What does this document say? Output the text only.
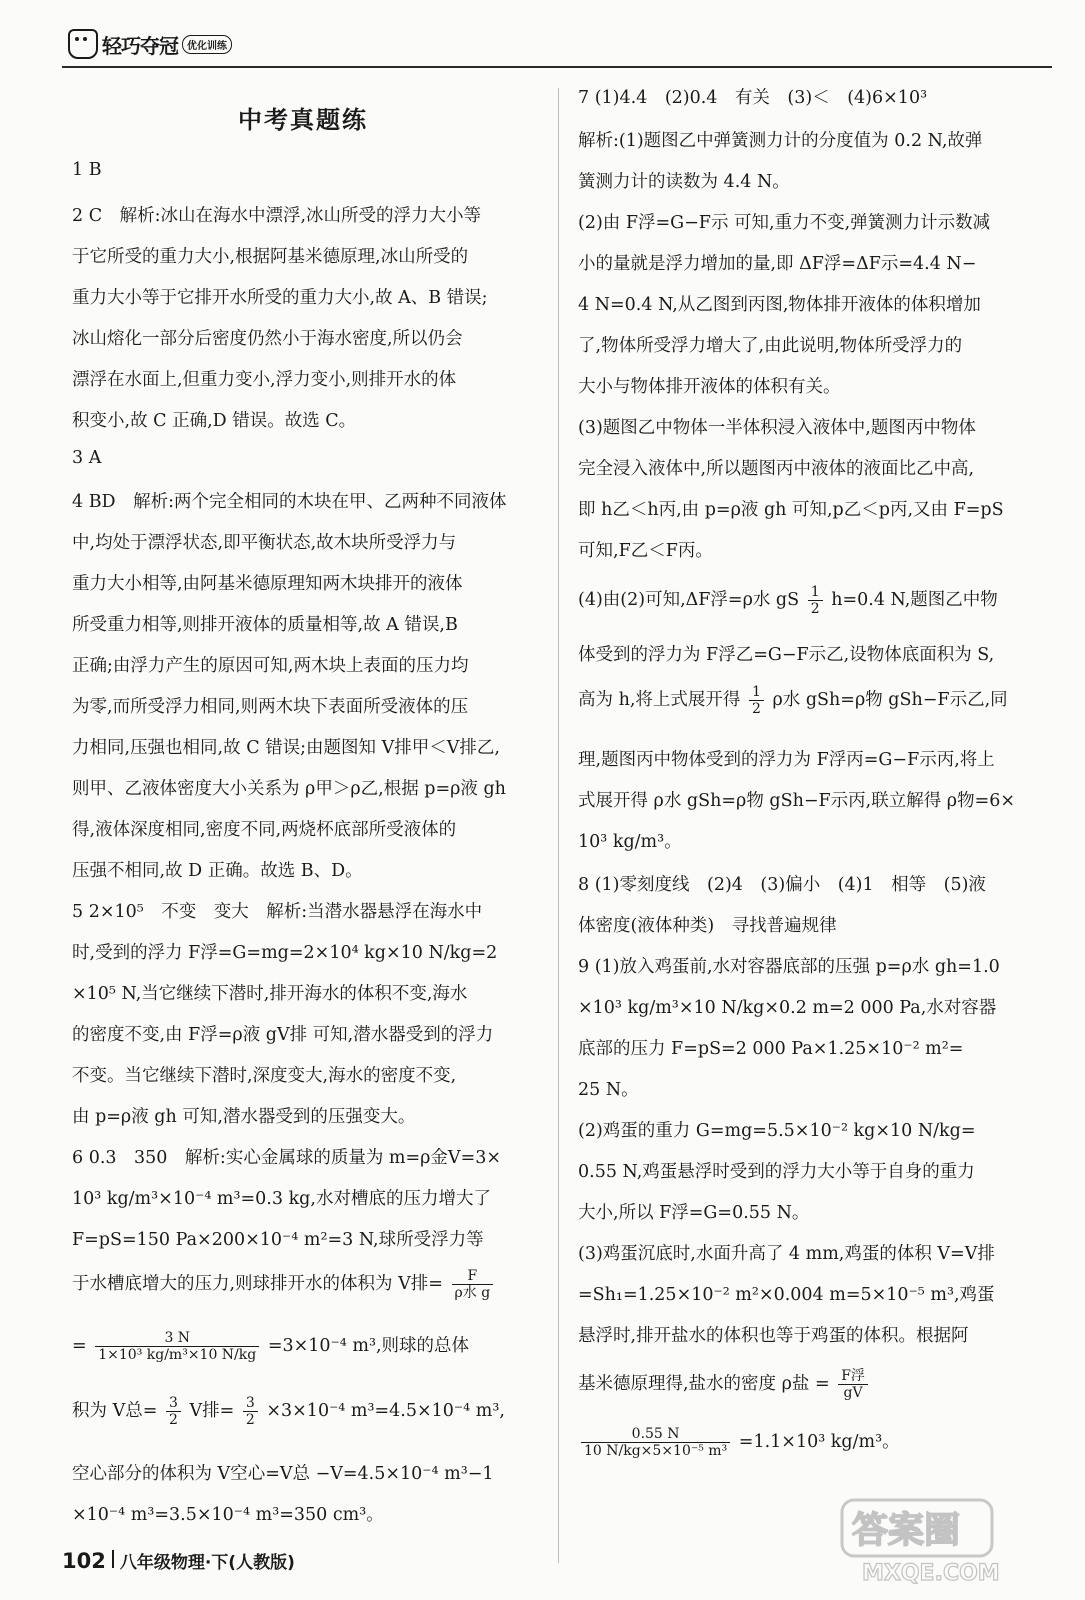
轻巧夺冠 优化训练
中考真题练
1 B
2 C　解析:冰山在海水中漂浮,冰山所受的浮力大小等
于它所受的重力大小,根据阿基米德原理,冰山所受的
重力大小等于它排开水所受的重力大小,故 A、B 错误;
冰山熔化一部分后密度仍然小于海水密度,所以仍会
漂浮在水面上,但重力变小,浮力变小,则排开水的体
积变小,故 C 正确,D 错误。故选 C。
3 A
4 BD　解析:两个完全相同的木块在甲、乙两种不同液体
中,均处于漂浮状态,即平衡状态,故木块所受浮力与
重力大小相等,由阿基米德原理知两木块排开的液体
所受重力相等,则排开液体的质量相等,故 A 错误,B
正确;由浮力产生的原因可知,两木块上表面的压力均
为零,而所受浮力相同,则两木块下表面所受液体的压
力相同,压强也相同,故 C 错误;由题图知 V排甲＜V排乙,
则甲、乙液体密度大小关系为 ρ甲＞ρ乙,根据 p=ρ液 gh
得,液体深度相同,密度不同,两烧杯底部所受液体的
压强不相同,故 D 正确。故选 B、D。
5 2×10⁵　不变　变大　解析:当潜水器悬浮在海水中
时,受到的浮力 F浮=G=mg=2×10⁴ kg×10 N/kg=2
×10⁵ N,当它继续下潜时,排开海水的体积不变,海水
的密度不变,由 F浮=ρ液 gV排 可知,潜水器受到的浮力
不变。当它继续下潜时,深度变大,海水的密度不变,
由 p=ρ液 gh 可知,潜水器受到的压强变大。
6 0.3　350　解析:实心金属球的质量为 m=ρ金V=3×
10³ kg/m³×10⁻⁴ m³=0.3 kg,水对槽底的压力增大了
F=pS=150 Pa×200×10⁻⁴ m²=3 N,球所受浮力等
于水槽底增大的压力,则球排开水的体积为 V排= $\frac{F}{\text{ρ水 g}}$
= $\frac{3 N}{\text{1×10³ kg/m³×10 N/kg}} =3\times 10^{-4}$ m³,则球的总体
积为 V总= $\frac{3}{2}$ V排= $\frac{3}{2} \times 3\times 10^{-4}$ m³=4.5×10⁻⁴ m³,
空心部分的体积为 V空心=V总 −V=4.5×10⁻⁴ m³−1
×10⁻⁴ m³=3.5×10⁻⁴ m³=350 cm³。
7 (1)4.4　(2)0.4　有关　(3)＜　(4)6×10³
解析:(1)题图乙中弹簧测力计的分度值为 0.2 N,故弹
簧测力计的读数为 4.4 N。
(2)由 F浮=G−F示 可知,重力不变,弹簧测力计示数减
小的量就是浮力增加的量,即 ΔF浮=ΔF示=4.4 N−
4 N=0.4 N,从乙图到丙图,物体排开液体的体积增加
了,物体所受浮力增大了,由此说明,物体所受浮力的
大小与物体排开液体的体积有关。
(3)题图乙中物体一半体积浸入液体中,题图丙中物体
完全浸入液体中,所以题图丙中液体的液面比乙中高,
即 h乙＜h丙,由 p=ρ液 gh 可知,p乙＜p丙,又由 F=pS
可知,F乙＜F丙。
(4)由(2)可知,ΔF浮=ρ水 gS $\frac{1}{2} h=0.4$ N,题图乙中物
体受到的浮力为 F浮乙=G−F示乙,设物体底面积为 S,
高为 h,将上式展开得 $\frac{1}{2}$ ρ水 gSh=ρ物 gSh−F示乙,同
理,题图丙中物体受到的浮力为 F浮丙=G−F示丙,将上
式展开得 ρ水 gSh=ρ物 gSh−F示丙,联立解得 ρ物=6×
10³ kg/m³。
8 (1)零刻度线　(2)4　(3)偏小　(4)1　相等　(5)液
体密度(液体种类)　寻找普遍规律
9 (1)放入鸡蛋前,水对容器底部的压强 p=ρ水 gh=1.0
×10³ kg/m³×10 N/kg×0.2 m=2 000 Pa,水对容器
底部的压力 F=pS=2 000 Pa×1.25×10⁻² m²=
25 N。
(2)鸡蛋的重力 G=mg=5.5×10⁻² kg×10 N/kg=
0.55 N,鸡蛋悬浮时受到的浮力大小等于自身的重力
大小,所以 F浮=G=0.55 N。
(3)鸡蛋沉底时,水面升高了 4 mm,鸡蛋的体积 V=V排
=Sh₁=1.25×10⁻² m²×0.004 m=5×10⁻⁵ m³,鸡蛋
悬浮时,排开盐水的体积也等于鸡蛋的体积。根据阿
基米德原理得,盐水的密度 ρ盐 = $\frac{\text{F浮}}{gV}$
$\frac{0.55 N}{\text{10 N/kg×5×10⁻⁵ m³}} =1.1\times 10^3$ kg/m³。
102 八年级物理·下(人教版)
答案圈
MXQE.COM
